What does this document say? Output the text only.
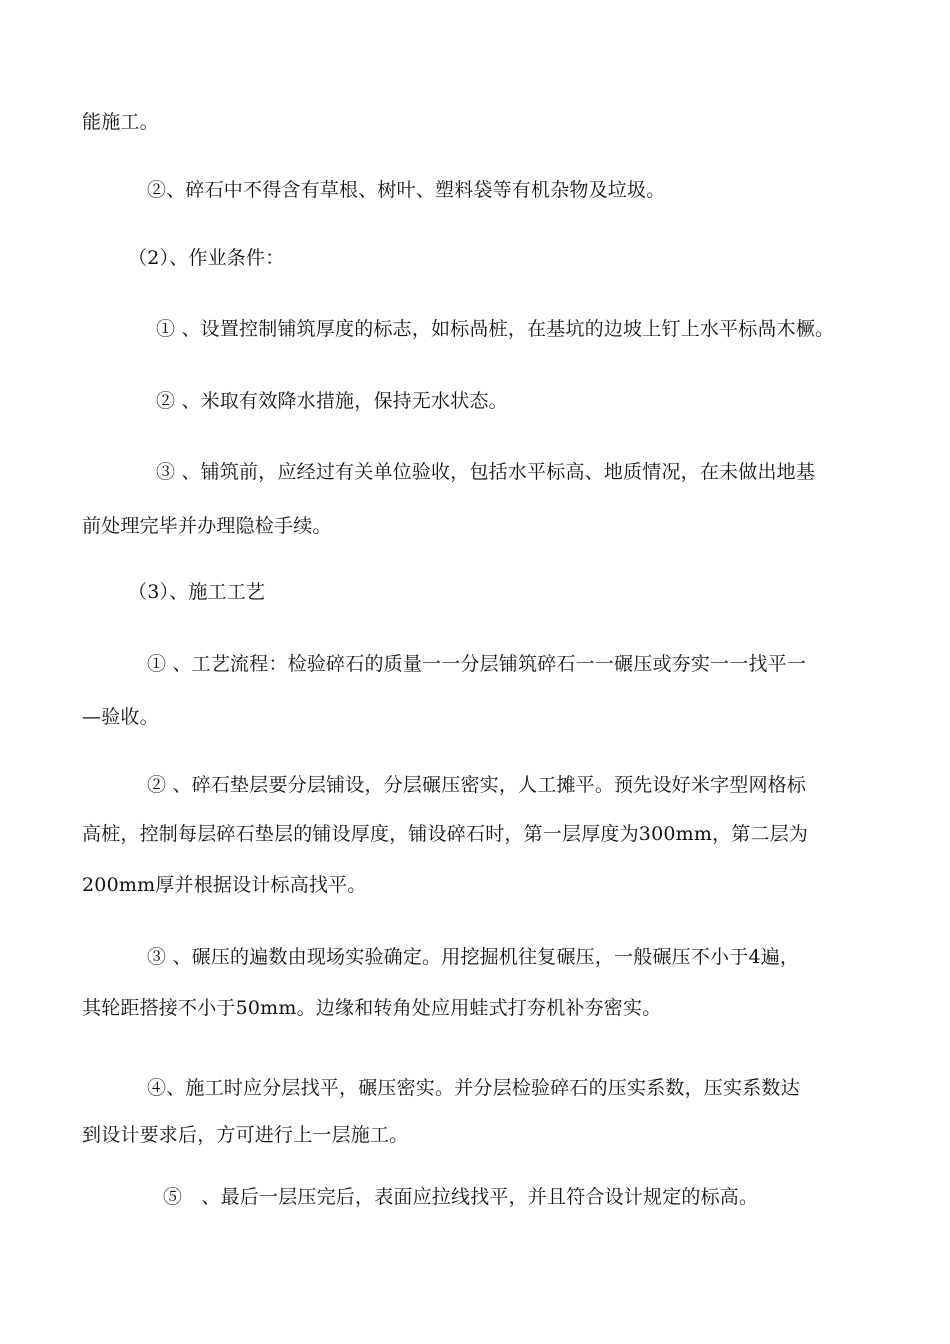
能施工。

②、碎石中不得含有草根、树叶、塑料袋等有机杂物及垃圾。

（2）、作业条件：

① 、设置控制铺筑厚度的标志，如标咼桩，在基坑的边坡上钉上水平标咼木橛。

② 、米取有效降水措施，保持无水状态。

③ 、铺筑前，应经过有关单位验收，包括水平标高、地质情况，在未做出地基

前处理完毕并办理隐检手续。

（3）、施工工艺

① 、工艺流程：检验碎石的质量一一分层铺筑碎石一一碾压或夯实一一找平一

—验收。

② 、碎石垫层要分层铺设，分层碾压密实，人工摊平。预先设好米字型网格标

高桩，控制每层碎石垫层的铺设厚度，铺设碎石时，第一层厚度为300mm，第二层为

200mm厚并根据设计标高找平。

③ 、碾压的遍数由现场实验确定。用挖掘机往复碾压，一般碾压不小于4遍，

其轮距搭接不小于50mm。边缘和转角处应用蛙式打夯机补夯密实。

④、施工时应分层找平，碾压密实。并分层检验碎石的压实系数，压实系数达

到设计要求后，方可进行上一层施工。

⑤　、最后一层压完后，表面应拉线找平，并且符合设计规定的标高。
